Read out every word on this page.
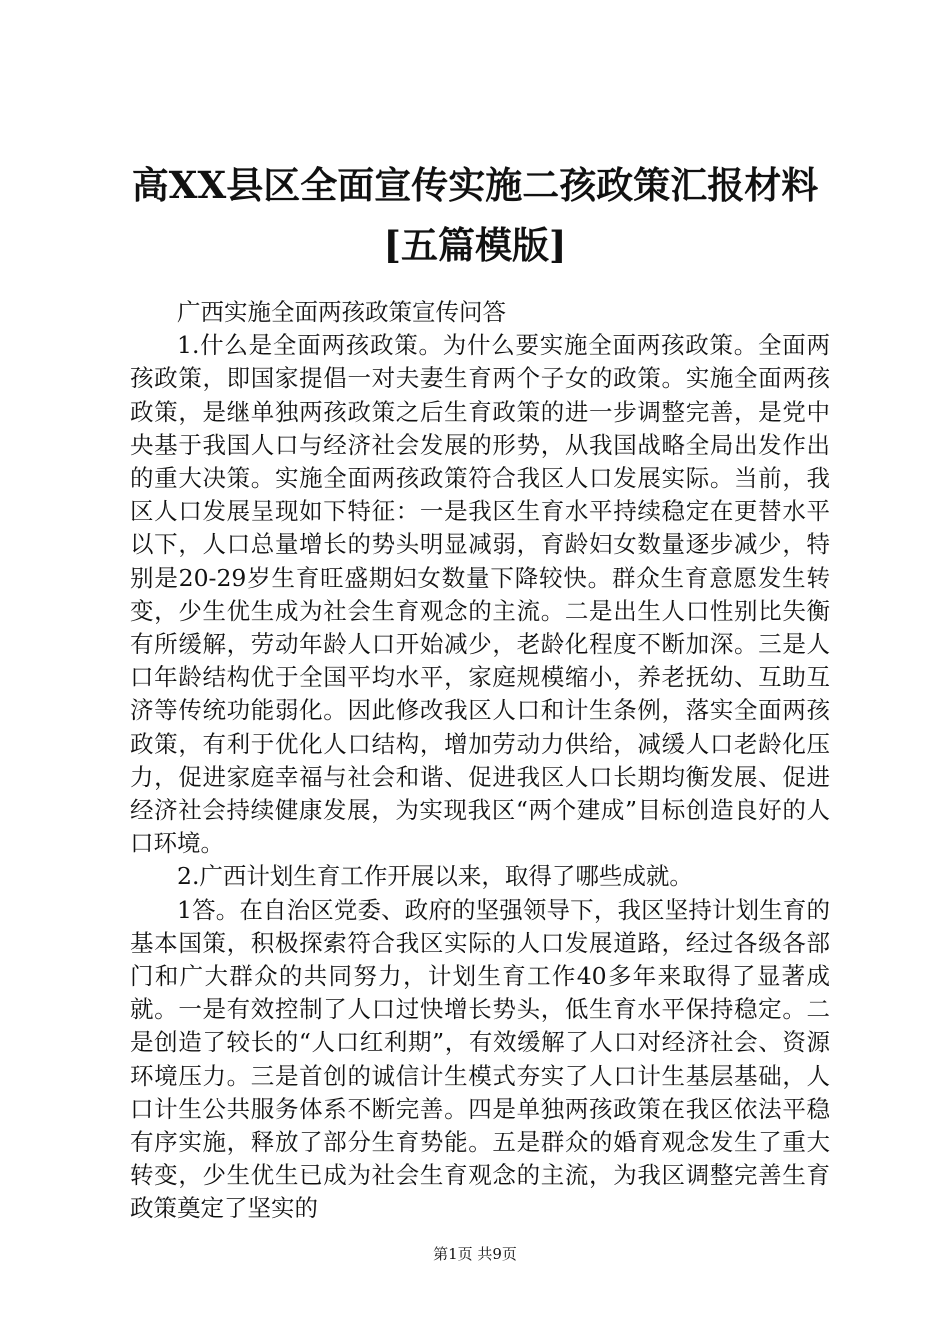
高XX县区全面宣传实施二孩政策汇报材料[五篇模版]

广西实施全面两孩政策宣传问答

1.什么是全面两孩政策。为什么要实施全面两孩政策。全面两孩政策，即国家提倡一对夫妻生育两个子女的政策。实施全面两孩政策，是继单独两孩政策之后生育政策的进一步调整完善，是党中央基于我国人口与经济社会发展的形势，从我国战略全局出发作出的重大决策。实施全面两孩政策符合我区人口发展实际。当前，我区人口发展呈现如下特征：一是我区生育水平持续稳定在更替水平以下，人口总量增长的势头明显减弱，育龄妇女数量逐步减少，特别是20-29岁生育旺盛期妇女数量下降较快。群众生育意愿发生转变，少生优生成为社会生育观念的主流。二是出生人口性别比失衡有所缓解，劳动年龄人口开始减少，老龄化程度不断加深。三是人口年龄结构优于全国平均水平，家庭规模缩小，养老抚幼、互助互济等传统功能弱化。因此修改我区人口和计生条例，落实全面两孩政策，有利于优化人口结构，增加劳动力供给，减缓人口老龄化压力，促进家庭幸福与社会和谐、促进我区人口长期均衡发展、促进经济社会持续健康发展，为实现我区“两个建成”目标创造良好的人口环境。

2.广西计划生育工作开展以来，取得了哪些成就。

1答。在自治区党委、政府的坚强领导下，我区坚持计划生育的基本国策，积极探索符合我区实际的人口发展道路，经过各级各部门和广大群众的共同努力，计划生育工作40多年来取得了显著成就。一是有效控制了人口过快增长势头，低生育水平保持稳定。二是创造了较长的“人口红利期”，有效缓解了人口对经济社会、资源环境压力。三是首创的诚信计生模式夯实了人口计生基层基础，人口计生公共服务体系不断完善。四是单独两孩政策在我区依法平稳有序实施，释放了部分生育势能。五是群众的婚育观念发生了重大转变，少生优生已成为社会生育观念的主流，为我区调整完善生育政策奠定了坚实的

第1页 共9页
